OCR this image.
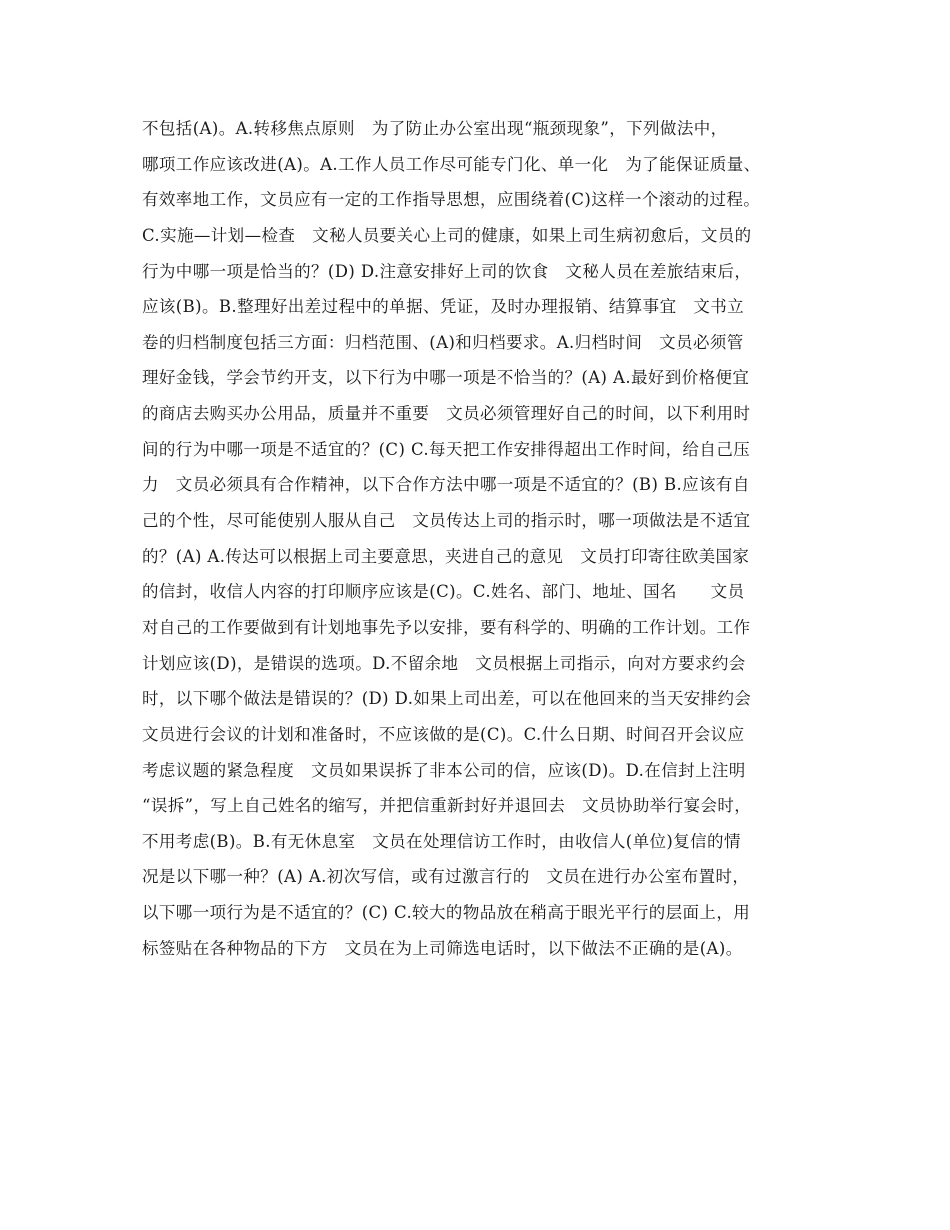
不包括(A)。A.转移焦点原则　为了防止办公室出现“瓶颈现象”，下列做法中，
哪项工作应该改进(A)。A.工作人员工作尽可能专门化、单一化　为了能保证质量、
有效率地工作，文员应有一定的工作指导思想，应围绕着(C)这样一个滚动的过程。
C.实施—计划—检查　文秘人员要关心上司的健康，如果上司生病初愈后，文员的
行为中哪一项是恰当的？(D) D.注意安排好上司的饮食　文秘人员在差旅结束后，
应该(B)。B.整理好出差过程中的单据、凭证，及时办理报销、结算事宜　文书立
卷的归档制度包括三方面：归档范围、(A)和归档要求。A.归档时间　文员必须管
理好金钱，学会节约开支，以下行为中哪一项是不恰当的？(A) A.最好到价格便宜
的商店去购买办公用品，质量并不重要　文员必须管理好自己的时间，以下利用时
间的行为中哪一项是不适宜的？(C) C.每天把工作安排得超出工作时间，给自己压
力　文员必须具有合作精神，以下合作方法中哪一项是不适宜的？(B) B.应该有自
己的个性，尽可能使别人服从自己　文员传达上司的指示时，哪一项做法是不适宜
的？(A) A.传达可以根据上司主要意思，夹进自己的意见　文员打印寄往欧美国家
的信封，收信人内容的打印顺序应该是(C)。C.姓名、部门、地址、国名　　文员
对自己的工作要做到有计划地事先予以安排，要有科学的、明确的工作计划。工作
计划应该(D)，是错误的选项。D.不留余地　文员根据上司指示，向对方要求约会
时，以下哪个做法是错误的？(D) D.如果上司出差，可以在他回来的当天安排约会
文员进行会议的计划和准备时，不应该做的是(C)。C.什么日期、时间召开会议应
考虑议题的紧急程度　文员如果误拆了非本公司的信，应该(D)。D.在信封上注明
“误拆”，写上自己姓名的缩写，并把信重新封好并退回去　文员协助举行宴会时，
不用考虑(B)。B.有无休息室　文员在处理信访工作时，由收信人(单位)复信的情
况是以下哪一种？(A) A.初次写信，或有过激言行的　文员在进行办公室布置时，
以下哪一项行为是不适宜的？(C) C.较大的物品放在稍高于眼光平行的层面上，用
标签贴在各种物品的下方　文员在为上司筛选电话时，以下做法不正确的是(A)。
